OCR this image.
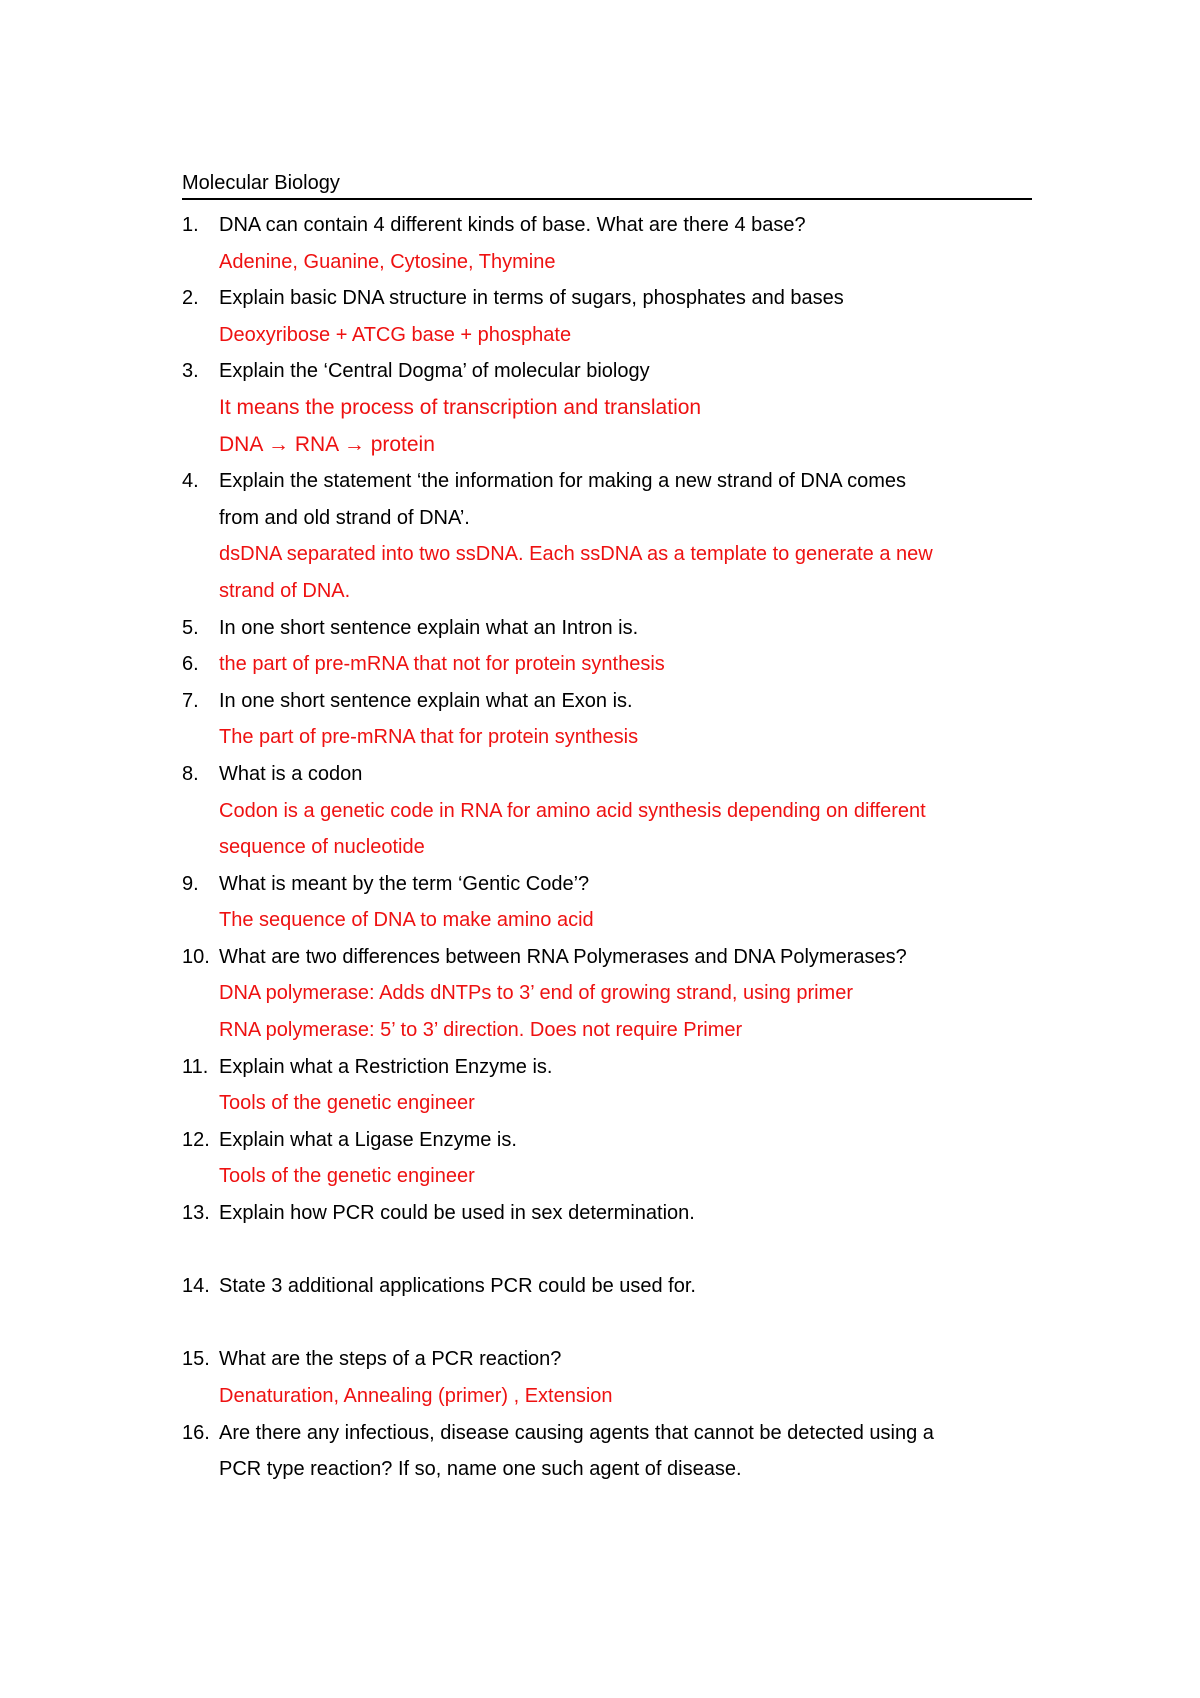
Molecular Biology
1.	DNA can contain 4 different kinds of base. What are there 4 base?
Adenine, Guanine, Cytosine, Thymine
2.	Explain basic DNA structure in terms of sugars, phosphates and bases
Deoxyribose + ATCG base + phosphate
3.	Explain the ‘Central Dogma’ of molecular biology
It means the process of transcription and translation
DNA → RNA → protein
4.	Explain the statement ‘the information for making a new strand of DNA comes
from and old strand of DNA’.
dsDNA separated into two ssDNA. Each ssDNA as a template to generate a new
strand of DNA.
5.	In one short sentence explain what an Intron is.
6.	the part of pre-mRNA that not for protein synthesis
7.	In one short sentence explain what an Exon is.
The part of pre-mRNA that for protein synthesis
8.	What is a codon
Codon is a genetic code in RNA for amino acid synthesis depending on different
sequence of nucleotide
9.	What is meant by the term ‘Gentic Code’?
The sequence of DNA to make amino acid
10. What are two differences between RNA Polymerases and DNA Polymerases?
DNA polymerase: Adds dNTPs to 3’ end of growing strand, using primer
RNA polymerase: 5’ to 3’ direction. Does not require Primer
11. Explain what a Restriction Enzyme is.
Tools of the genetic engineer
12. Explain what a Ligase Enzyme is.
Tools of the genetic engineer
13. Explain how PCR could be used in sex determination.
14. State 3 additional applications PCR could be used for.
15. What are the steps of a PCR reaction?
Denaturation, Annealing (primer) , Extension
16. Are there any infectious, disease causing agents that cannot be detected using a
PCR type reaction? If so, name one such agent of disease.
